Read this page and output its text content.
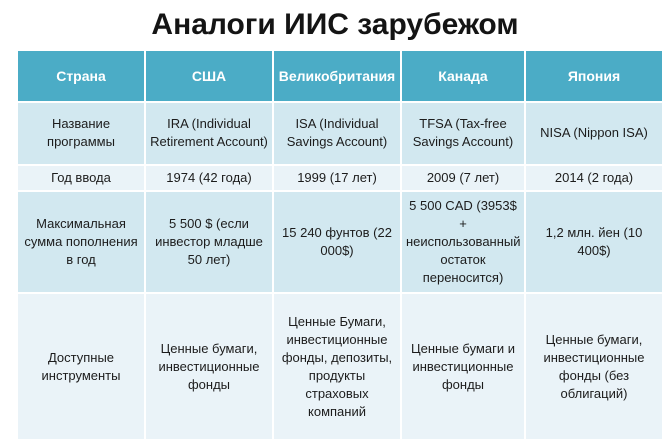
Аналоги ИИС зарубежом
Страна	США	Великобритания	Канада	Япония
Название программы	IRA (Individual Retirement Account)	ISA (Individual Savings Account)	TFSA (Tax-free Savings Account)	NISA (Nippon ISA)
Год ввода	1974 (42 года)	1999 (17 лет)	2009 (7 лет)	2014 (2 года)
Максимальная сумма пополнения в год	5 500 $ (если инвестор младше 50 лет)	15 240 фунтов (22 000$)	5 500 CAD (3953$ + неиспользованный остаток переносится)	1,2 млн. йен (10 400$)
Доступные инструменты	Ценные бумаги, инвестиционные фонды	Ценные Бумаги, инвестиционные фонды, депозиты, продукты страховых компаний	Ценные бумаги и инвестиционные фонды	Ценные бумаги, инвестиционные фонды (без облигаций)
